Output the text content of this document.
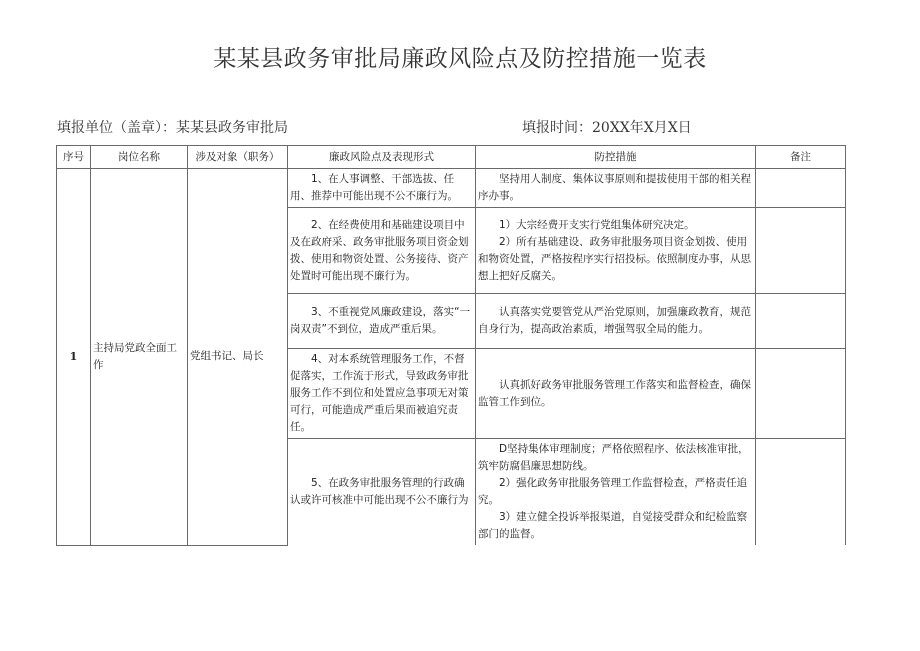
某某县政务审批局廉政风险点及防控措施一览表
填报单位（盖章）：某某县政务审批局	填报时间：20XX年X月X日
序号	岗位名称	涉及对象（职务）	廉政风险点及表现形式	防控措施	备注
1	主持局党政全面工作	党组书记、局长	1、在人事调整、干部选拔、任用、推荐中可能出现不公不廉行为。	坚持用人制度、集体议事原则和提拔使用干部的相关程序办事。	

			2、在经费使用和基础建设项目中及在政府采、政务审批服务项目资金划拨、使用和物资处置、公务接待、资产处置时可能出现不廉行为。	1）大宗经费开支实行党组集体研究决定。

2）所有基础建设、政务审批服务项目资金划拨、使用和物资处置，严格按程序实行招投标。依照制度办事，从思想上把好反腐关。	

			3、不重视党风廉政建设，落实“一岗双责”不到位，造成严重后果。	认真落实党要管党从严治党原则，加强廉政教育，规范自身行为，提高政治素质，增强驾驭全局的能力。	

			4、对本系统管理服务工作，不督促落实，工作流于形式，导致政务审批服务工作不到位和处置应急事项无对策可行，可能造成严重后果而被追究责任。	认真抓好政务审批服务管理工作落实和监督检查，确保监管工作到位。	

			5、在政务审批服务管理的行政确认或许可核准中可能出现不公不廉行为	D坚持集体审理制度；严格依照程序、依法核准审批，筑牢防腐倡廉思想防线。

2）强化政务审批服务管理工作监督检查，严格责任追究。

3）建立健全投诉举报渠道，自觉接受群众和纪检监察部门的监督。	
